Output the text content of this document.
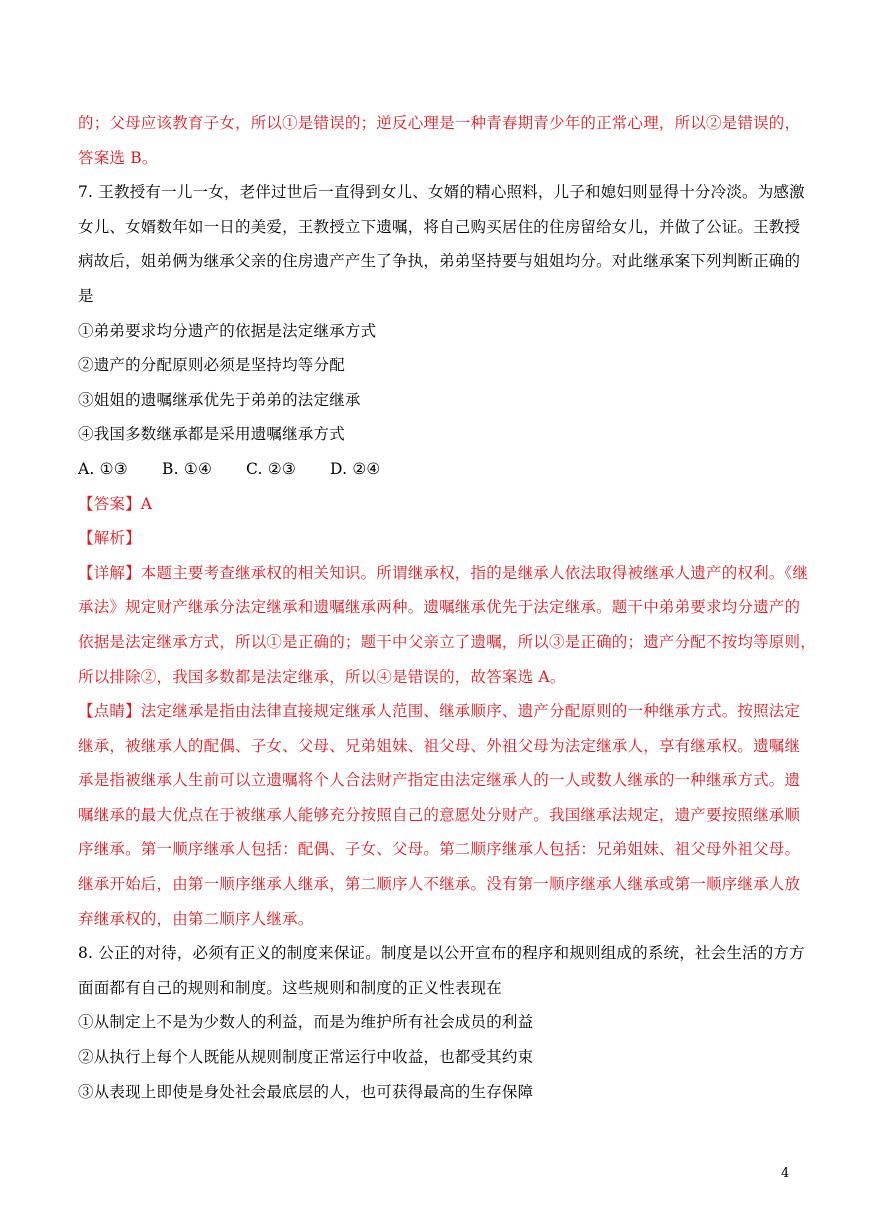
的；父母应该教育子女，所以①是错误的；逆反心理是一种青春期青少年的正常心理，所以②是错误的，
答案选 B。
7. 王教授有一儿一女，老伴过世后一直得到女儿、女婿的精心照料，儿子和媳妇则显得十分冷淡。为感激
女儿、女婿数年如一日的美爱，王教授立下遗嘱，将自己购买居住的住房留给女儿，并做了公证。王教授
病故后，姐弟俩为继承父亲的住房遗产产生了争执，弟弟坚持要与姐姐均分。对此继承案下列判断正确的
是
①弟弟要求均分遗产的依据是法定继承方式
②遗产的分配原则必须是坚持均等分配
③姐姐的遗嘱继承优先于弟弟的法定继承
④我国多数继承都是采用遗嘱继承方式
A. ①③ B. ①④ C. ②③ D. ②④
【答案】A
【解析】
【详解】本题主要考查继承权的相关知识。所谓继承权，指的是继承人依法取得被继承人遗产的权利。《继
承法》规定财产继承分法定继承和遗嘱继承两种。遗嘱继承优先于法定继承。题干中弟弟要求均分遗产的
依据是法定继承方式，所以①是正确的；题干中父亲立了遗嘱，所以③是正确的；遗产分配不按均等原则，
所以排除②，我国多数都是法定继承，所以④是错误的，故答案选 A。
【点睛】法定继承是指由法律直接规定继承人范围、继承顺序、遗产分配原则的一种继承方式。按照法定
继承，被继承人的配偶、子女、父母、兄弟姐妹、祖父母、外祖父母为法定继承人，享有继承权。遗嘱继
承是指被继承人生前可以立遗嘱将个人合法财产指定由法定继承人的一人或数人继承的一种继承方式。遗
嘱继承的最大优点在于被继承人能够充分按照自己的意愿处分财产。我国继承法规定，遗产要按照继承顺
序继承。第一顺序继承人包括：配偶、子女、父母。第二顺序继承人包括：兄弟姐妹、祖父母外祖父母。
继承开始后，由第一顺序继承人继承，第二顺序人不继承。没有第一顺序继承人继承或第一顺序继承人放
弃继承权的，由第二顺序人继承。
8. 公正的对待，必须有正义的制度来保证。制度是以公开宣布的程序和规则组成的系统，社会生活的方方
面面都有自己的规则和制度。这些规则和制度的正义性表现在
①从制定上不是为少数人的利益，而是为维护所有社会成员的利益
②从执行上每个人既能从规则制度正常运行中收益，也都受其约束
③从表现上即使是身处社会最底层的人，也可获得最高的生存保障
4
